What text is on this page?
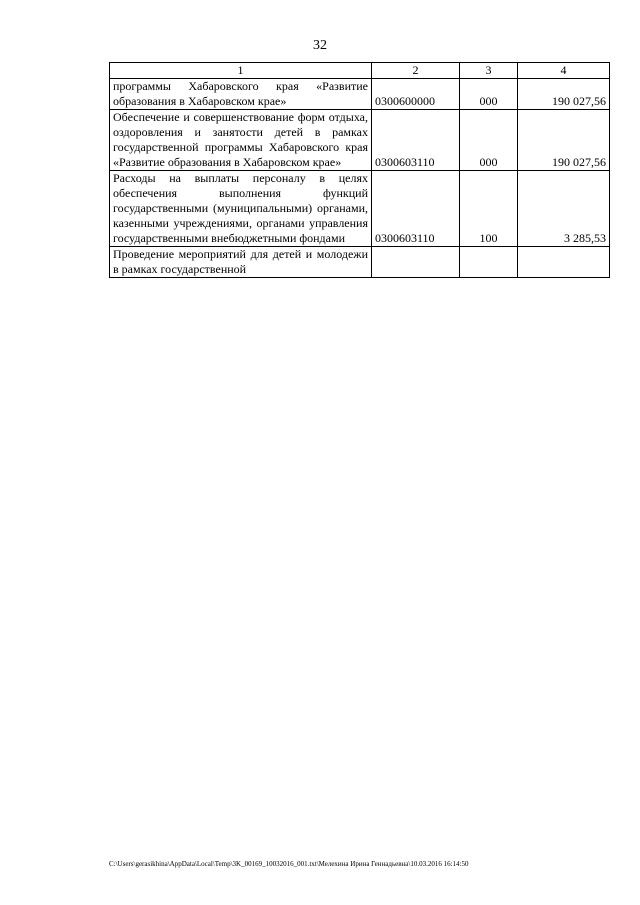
32
1	2	3	4
программы Хабаровского края «Развитие образования в Хабаровском крае»	0300600000	000	190 027,56
Обеспечение и совершенствование форм отдыха, оздоровления и занятости детей в рамках государственной программы Хабаровского края «Развитие образования в Хабаровском крае»	0300603110	000	190 027,56
Расходы на выплаты персоналу в целях обеспечения выполнения функций государственными (муниципальными) органами, казенными учреждениями, органами управления государственными внебюджетными фондами	0300603110	100	3 285,53
Проведение мероприятий для детей и молодежи в рамках государственной			
C:\Users\gerasikhina\AppData\Local\Temp\3K_00169_10032016_001.txt\Мелехина Ирина Геннадьевна\10.03.2016 16:14:50
